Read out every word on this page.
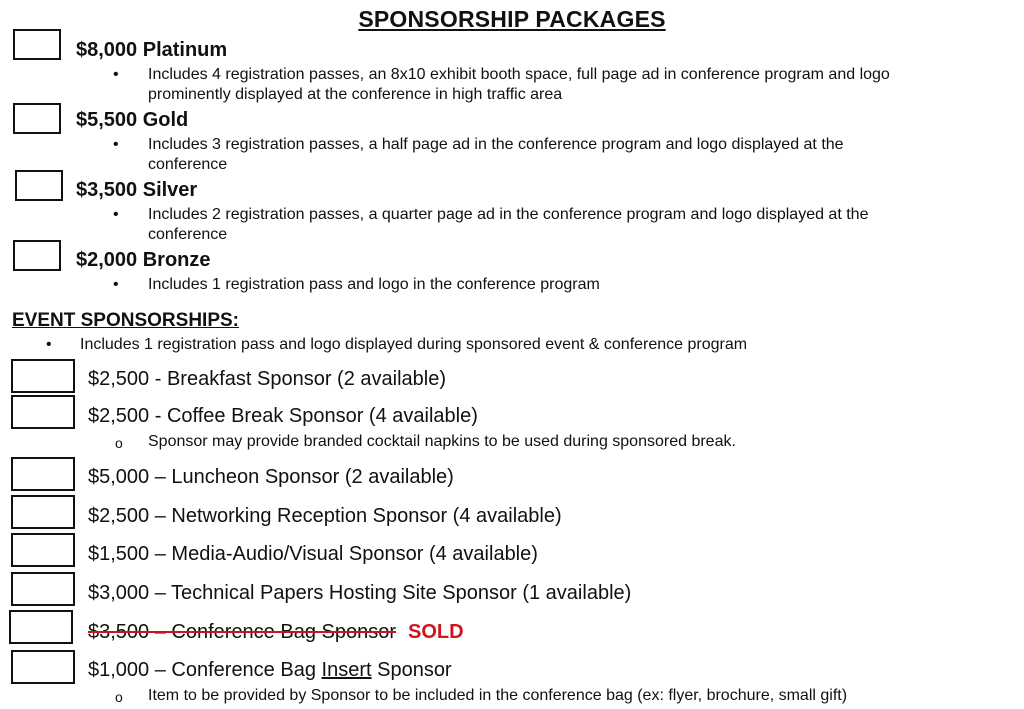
SPONSORSHIP PACKAGES
$8,000 Platinum
• Includes 4 registration passes, an 8x10 exhibit booth space, full page ad in conference program and logo
prominently displayed at the conference in high traffic area
$5,500 Gold
• Includes 3 registration passes, a half page ad in the conference program and logo displayed at the
conference
$3,500 Silver
• Includes 2 registration passes, a quarter page ad in the conference program and logo displayed at the
conference
$2,000 Bronze
• Includes 1 registration pass and logo in the conference program
EVENT SPONSORSHIPS:
• Includes 1 registration pass and logo displayed during sponsored event & conference program
$2,500 - Breakfast Sponsor (2 available)
$2,500 - Coffee Break Sponsor (4 available)
o Sponsor may provide branded cocktail napkins to be used during sponsored break.
$5,000 – Luncheon Sponsor (2 available)
$2,500 – Networking Reception Sponsor (4 available)
$1,500 – Media-Audio/Visual Sponsor (4 available)
$3,000 – Technical Papers Hosting Site Sponsor (1 available)
$3,500 – Conference Bag Sponsor SOLD
$1,000 – Conference Bag Insert Sponsor
o Item to be provided by Sponsor to be included in the conference bag (ex: flyer, brochure, small gift)
